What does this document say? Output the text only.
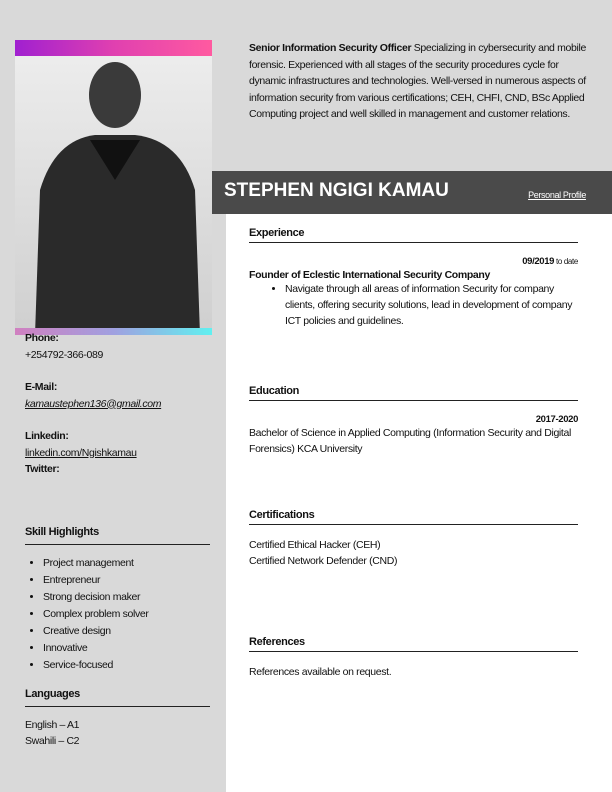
Senior Information Security Officer Specializing in cybersecurity and mobile forensic. Experienced with all stages of the security procedures cycle for dynamic infrastructures and technologies. Well-versed in numerous aspects of information security from various certifications; CEH, CHFI, CND, BSc Applied Computing project and well skilled in management and customer relations.

STEPHEN NGIGI KAMAU	Personal Profile
Phone:
+254792-366-089
E-Mail:
kamaustephen136@gmail.com
Linkedin:
linkedin.com/Ngishkamau
Twitter:
Skill Highlights
• Project management
• Entrepreneur
• Strong decision maker
• Complex problem solver
• Creative design
• Innovative
• Service-focused
Languages
English – A1
Swahili – C2
Experience
09/2019 to date
Founder of Eclestic International Security Company
• Navigate through all areas of information Security for company clients, offering security solutions, lead in development of company ICT policies and guidelines.
Education
2017-2020

Bachelor of Science in Applied Computing (Information Security and Digital Forensics) KCA University

Certifications

Certified Ethical Hacker (CEH)

Certified Network Defender (CND)

References

References available on request.
